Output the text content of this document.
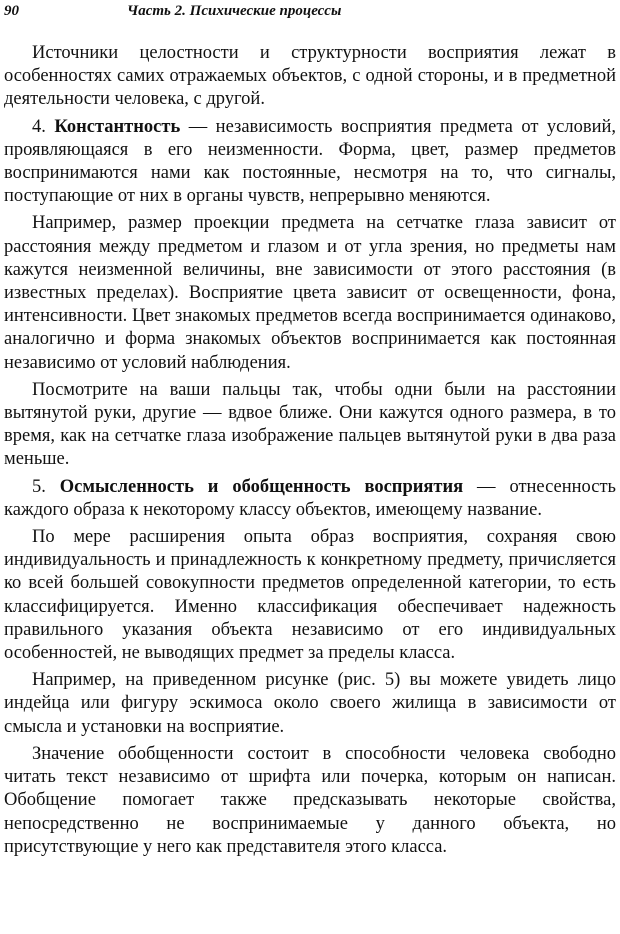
90	Часть 2. Психические процессы

Источники целостности и структурности восприятия лежат в особенностях самих отражаемых объектов, с одной стороны, и в предметной деятельности человека, с другой.

4. Константность — независимость восприятия предмета от условий, проявляющаяся в его неизменности. Форма, цвет, размер предметов воспринимаются нами как постоянные, несмотря на то, что сигналы, поступающие от них в органы чувств, непрерывно меняются.

Например, размер проекции предмета на сетчатке глаза зависит от расстояния между предметом и глазом и от угла зрения, но предметы нам кажутся неизменной величины, вне зависимости от этого расстояния (в известных пределах). Восприятие цвета зависит от освещенности, фона, интенсивности. Цвет знакомых предметов всегда воспринимается одинаково, аналогично и форма знакомых объектов воспринимается как постоянная независимо от условий наблюдения.

Посмотрите на ваши пальцы так, чтобы одни были на расстоянии вытянутой руки, другие — вдвое ближе. Они кажутся одного размера, в то время, как на сетчатке глаза изображение пальцев вытянутой руки в два раза меньше.

5. Осмысленность и обобщенность восприятия — отнесенность каждого образа к некоторому классу объектов, имеющему название.

По мере расширения опыта образ восприятия, сохраняя свою индивидуальность и принадлежность к конкретному предмету, причисляется ко всей большей совокупности предметов определенной категории, то есть классифицируется. Именно классификация обеспечивает надежность правильного указания объекта независимо от его индивидуальных особенностей, не выводящих предмет за пределы класса.

Например, на приведенном рисунке (рис. 5) вы можете увидеть лицо индейца или фигуру эскимоса около своего жилища в зависимости от смысла и установки на восприятие.

Значение обобщенности состоит в способности человека свободно читать текст независимо от шрифта или почерка, которым он написан. Обобщение помогает также предсказывать некоторые свойства, непосредственно не воспринимаемые у данного объекта, но присутствующие у него как представителя этого класса.
